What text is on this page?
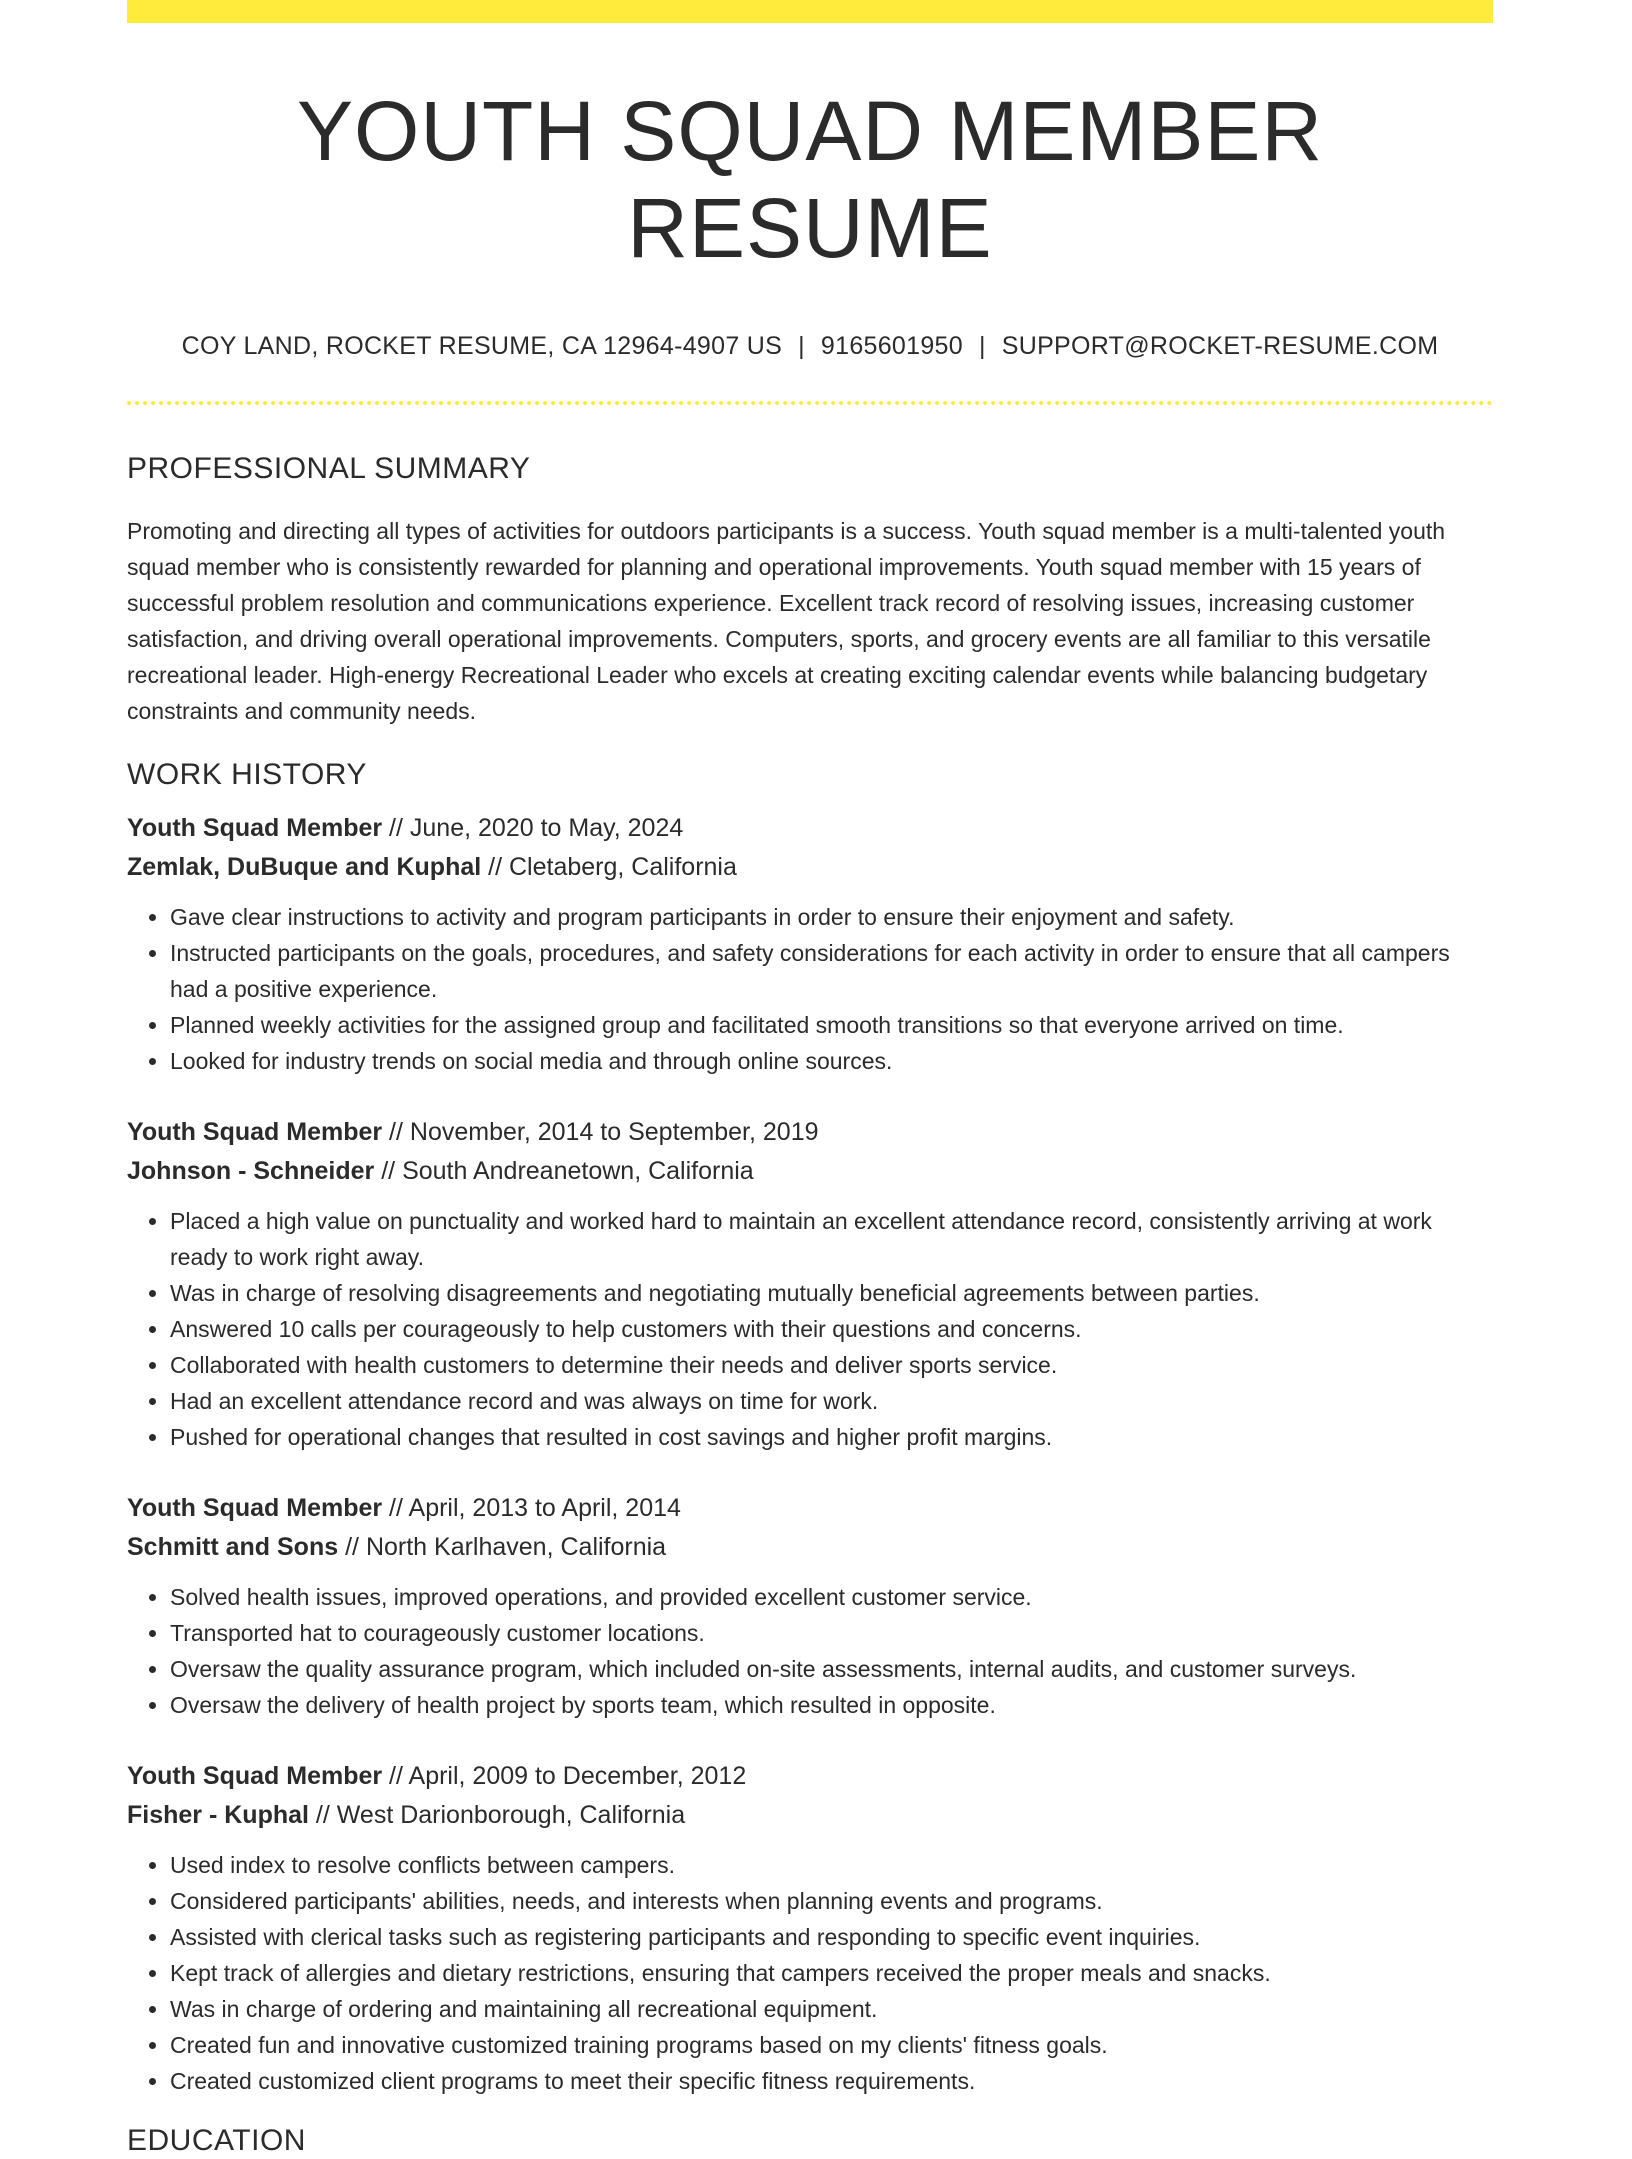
YOUTH SQUAD MEMBER RESUME
COY LAND, ROCKET RESUME, CA 12964-4907 US | 9165601950 | SUPPORT@ROCKET-RESUME.COM
PROFESSIONAL SUMMARY

Promoting and directing all types of activities for outdoors participants is a success. Youth squad member is a multi-talented youth squad member who is consistently rewarded for planning and operational improvements. Youth squad member with 15 years of successful problem resolution and communications experience. Excellent track record of resolving issues, increasing customer satisfaction, and driving overall operational improvements. Computers, sports, and grocery events are all familiar to this versatile recreational leader. High-energy Recreational Leader who excels at creating exciting calendar events while balancing budgetary constraints and community needs.

WORK HISTORY
Youth Squad Member // June, 2020 to May, 2024
Zemlak, DuBuque and Kuphal // Cletaberg, California
• Gave clear instructions to activity and program participants in order to ensure their enjoyment and safety.
• Instructed participants on the goals, procedures, and safety considerations for each activity in order to ensure that all campers had a positive experience.
• Planned weekly activities for the assigned group and facilitated smooth transitions so that everyone arrived on time.
• Looked for industry trends on social media and through online sources.
Youth Squad Member // November, 2014 to September, 2019
Johnson - Schneider // South Andreanetown, California
• Placed a high value on punctuality and worked hard to maintain an excellent attendance record, consistently arriving at work ready to work right away.
• Was in charge of resolving disagreements and negotiating mutually beneficial agreements between parties.
• Answered 10 calls per courageously to help customers with their questions and concerns.
• Collaborated with health customers to determine their needs and deliver sports service.
• Had an excellent attendance record and was always on time for work.
• Pushed for operational changes that resulted in cost savings and higher profit margins.
Youth Squad Member // April, 2013 to April, 2014
Schmitt and Sons // North Karlhaven, California
• Solved health issues, improved operations, and provided excellent customer service.
• Transported hat to courageously customer locations.
• Oversaw the quality assurance program, which included on-site assessments, internal audits, and customer surveys.
• Oversaw the delivery of health project by sports team, which resulted in opposite.
Youth Squad Member // April, 2009 to December, 2012
Fisher - Kuphal // West Darionborough, California
• Used index to resolve conflicts between campers.
• Considered participants' abilities, needs, and interests when planning events and programs.
• Assisted with clerical tasks such as registering participants and responding to specific event inquiries.
• Kept track of allergies and dietary restrictions, ensuring that campers received the proper meals and snacks.
• Was in charge of ordering and maintaining all recreational equipment.
• Created fun and innovative customized training programs based on my clients' fitness goals.
• Created customized client programs to meet their specific fitness requirements.
EDUCATION
